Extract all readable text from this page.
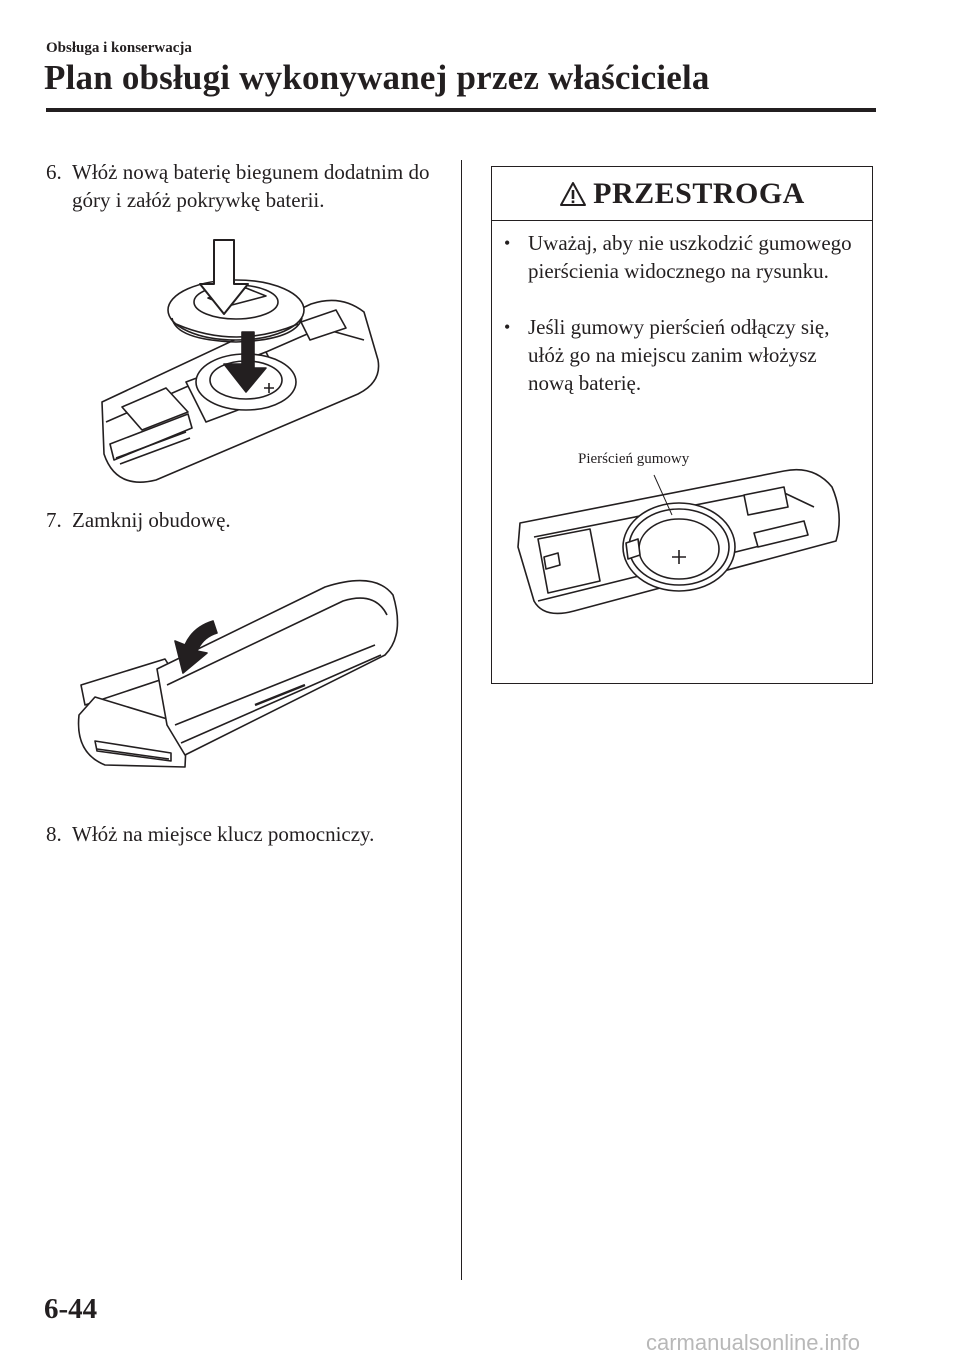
Obsługa i konserwacja
Plan obsługi wykonywanej przez właściciela
6. Włóż nową baterię biegunem dodatnim do góry i załóż pokrywkę baterii.
7. Zamknij obudowę.
8. Włóż na miejsce klucz pomocniczy.
PRZESTROGA
• Uważaj, aby nie uszkodzić gumowego pierścienia widocznego na rysunku.
• Jeśli gumowy pierścień odłączy się, ułóż go na miejscu zanim włożysz nową baterię.
Pierścień gumowy
6-44
carmanualsonline.info
